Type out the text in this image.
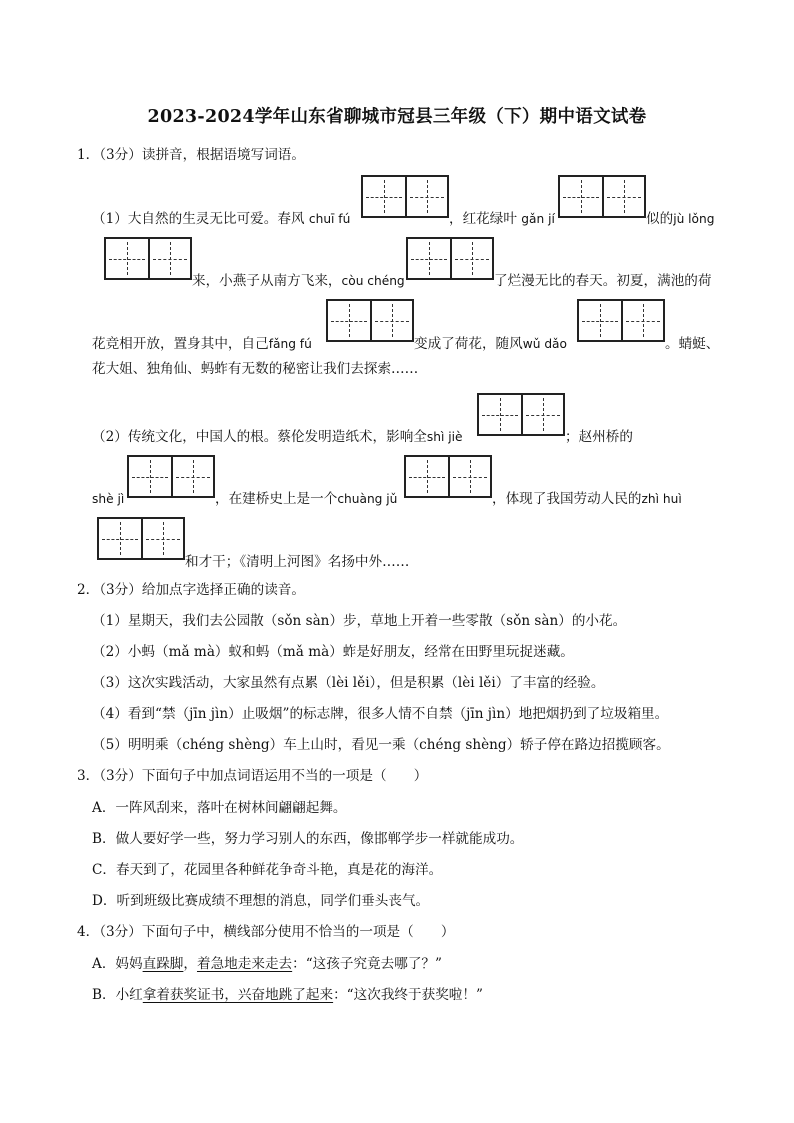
2023-2024学年山东省聊城市冠县三年级（下）期中语文试卷
1．（3分）读拼音，根据语境写词语。
（1）大自然的生灵无比可爱。春风 chuī fú	，红花绿叶 gǎn jí	似的jù lǒng
来，小燕子从南方飞来，còu chéng	了烂漫无比的春天。初夏，满池的荷
花竞相开放，置身其中，自己fǎng fú	变成了荷花，随风wǔ dǎo	。蜻蜓、
花大姐、独角仙、蚂蚱有无数的秘密让我们去探索……
（2）传统文化，中国人的根。蔡伦发明造纸术，影响全shì jiè	；赵州桥的
shè jì	，在建桥史上是一个chuàng jǔ	，体现了我国劳动人民的zhì huì
和才干；《清明上河图》名扬中外……
2．（3分）给加点字选择正确的读音。
（1）星期天，我们去公园散（sǒn sàn）步，草地上开着一些零散（sǒn sàn）的小花。
（2）小蚂（mǎ mà）蚁和蚂（mǎ mà）蚱是好朋友，经常在田野里玩捉迷藏。
（3）这次实践活动，大家虽然有点累（lèi lěi），但是积累（lèi lěi）了丰富的经验。
（4）看到“禁（jīn jìn）止吸烟”的标志牌，很多人情不自禁（jīn jìn）地把烟扔到了垃圾箱里。
（5）明明乘（chéng shèng）车上山时，看见一乘（chéng shèng）轿子停在路边招揽顾客。
3．（3分）下面句子中加点词语运用不当的一项是（　　）
A．一阵风刮来，落叶在树林间翩翩起舞。
B．做人要好学一些，努力学习别人的东西，像邯郸学步一样就能成功。
C．春天到了，花园里各种鲜花争奇斗艳，真是花的海洋。
D．听到班级比赛成绩不理想的消息，同学们垂头丧气。
4．（3分）下面句子中，横线部分使用不恰当的一项是（　　）
A．妈妈直跺脚，着急地走来走去：“这孩子究竟去哪了？”
B．小红拿着获奖证书，兴奋地跳了起来：“这次我终于获奖啦！”
